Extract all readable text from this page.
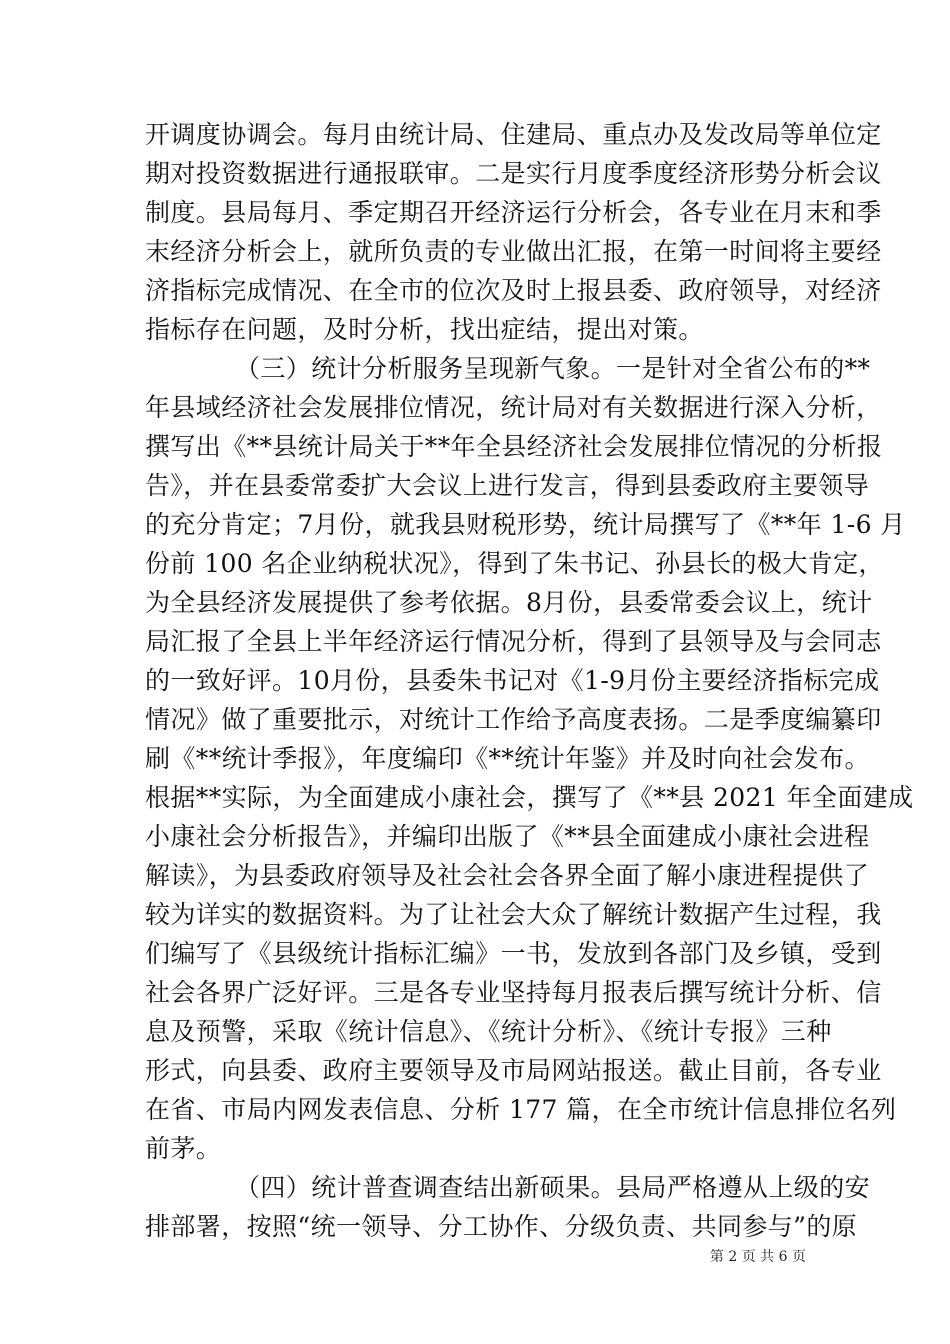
开调度协调会。每月由统计局、住建局、重点办及发改局等单位定
期对投资数据进行通报联审。二是实行月度季度经济形势分析会议
制度。县局每月、季定期召开经济运行分析会，各专业在月末和季
末经济分析会上，就所负责的专业做出汇报，在第一时间将主要经
济指标完成情况、在全市的位次及时上报县委、政府领导，对经济
指标存在问题，及时分析，找出症结，提出对策。
（三）统计分析服务呈现新气象。一是针对全省公布的**
年县域经济社会发展排位情况，统计局对有关数据进行深入分析，
撰写出《**县统计局关于**年全县经济社会发展排位情况的分析报
告》，并在县委常委扩大会议上进行发言，得到县委政府主要领导
的充分肯定；7月份，就我县财税形势，统计局撰写了《**年 1-6 月
份前 100 名企业纳税状况》，得到了朱书记、孙县长的极大肯定，
为全县经济发展提供了参考依据。8月份，县委常委会议上，统计
局汇报了全县上半年经济运行情况分析，得到了县领导及与会同志
的一致好评。10月份，县委朱书记对《1-9月份主要经济指标完成
情况》做了重要批示，对统计工作给予高度表扬。二是季度编纂印
刷《**统计季报》，年度编印《**统计年鉴》并及时向社会发布。
根据**实际，为全面建成小康社会，撰写了《**县 2021 年全面建成
小康社会分析报告》，并编印出版了《**县全面建成小康社会进程
解读》，为县委政府领导及社会社会各界全面了解小康进程提供了
较为详实的数据资料。为了让社会大众了解统计数据产生过程，我
们编写了《县级统计指标汇编》一书，发放到各部门及乡镇，受到
社会各界广泛好评。三是各专业坚持每月报表后撰写统计分析、信
息及预警，采取《统计信息》、《统计分析》、《统计专报》三种
形式，向县委、政府主要领导及市局网站报送。截止目前，各专业
在省、市局内网发表信息、分析 177 篇，在全市统计信息排位名列
前茅。
（四）统计普查调查结出新硕果。县局严格遵从上级的安
排部署，按照“统一领导、分工协作、分级负责、共同参与”的原
第 2 页 共 6 页
